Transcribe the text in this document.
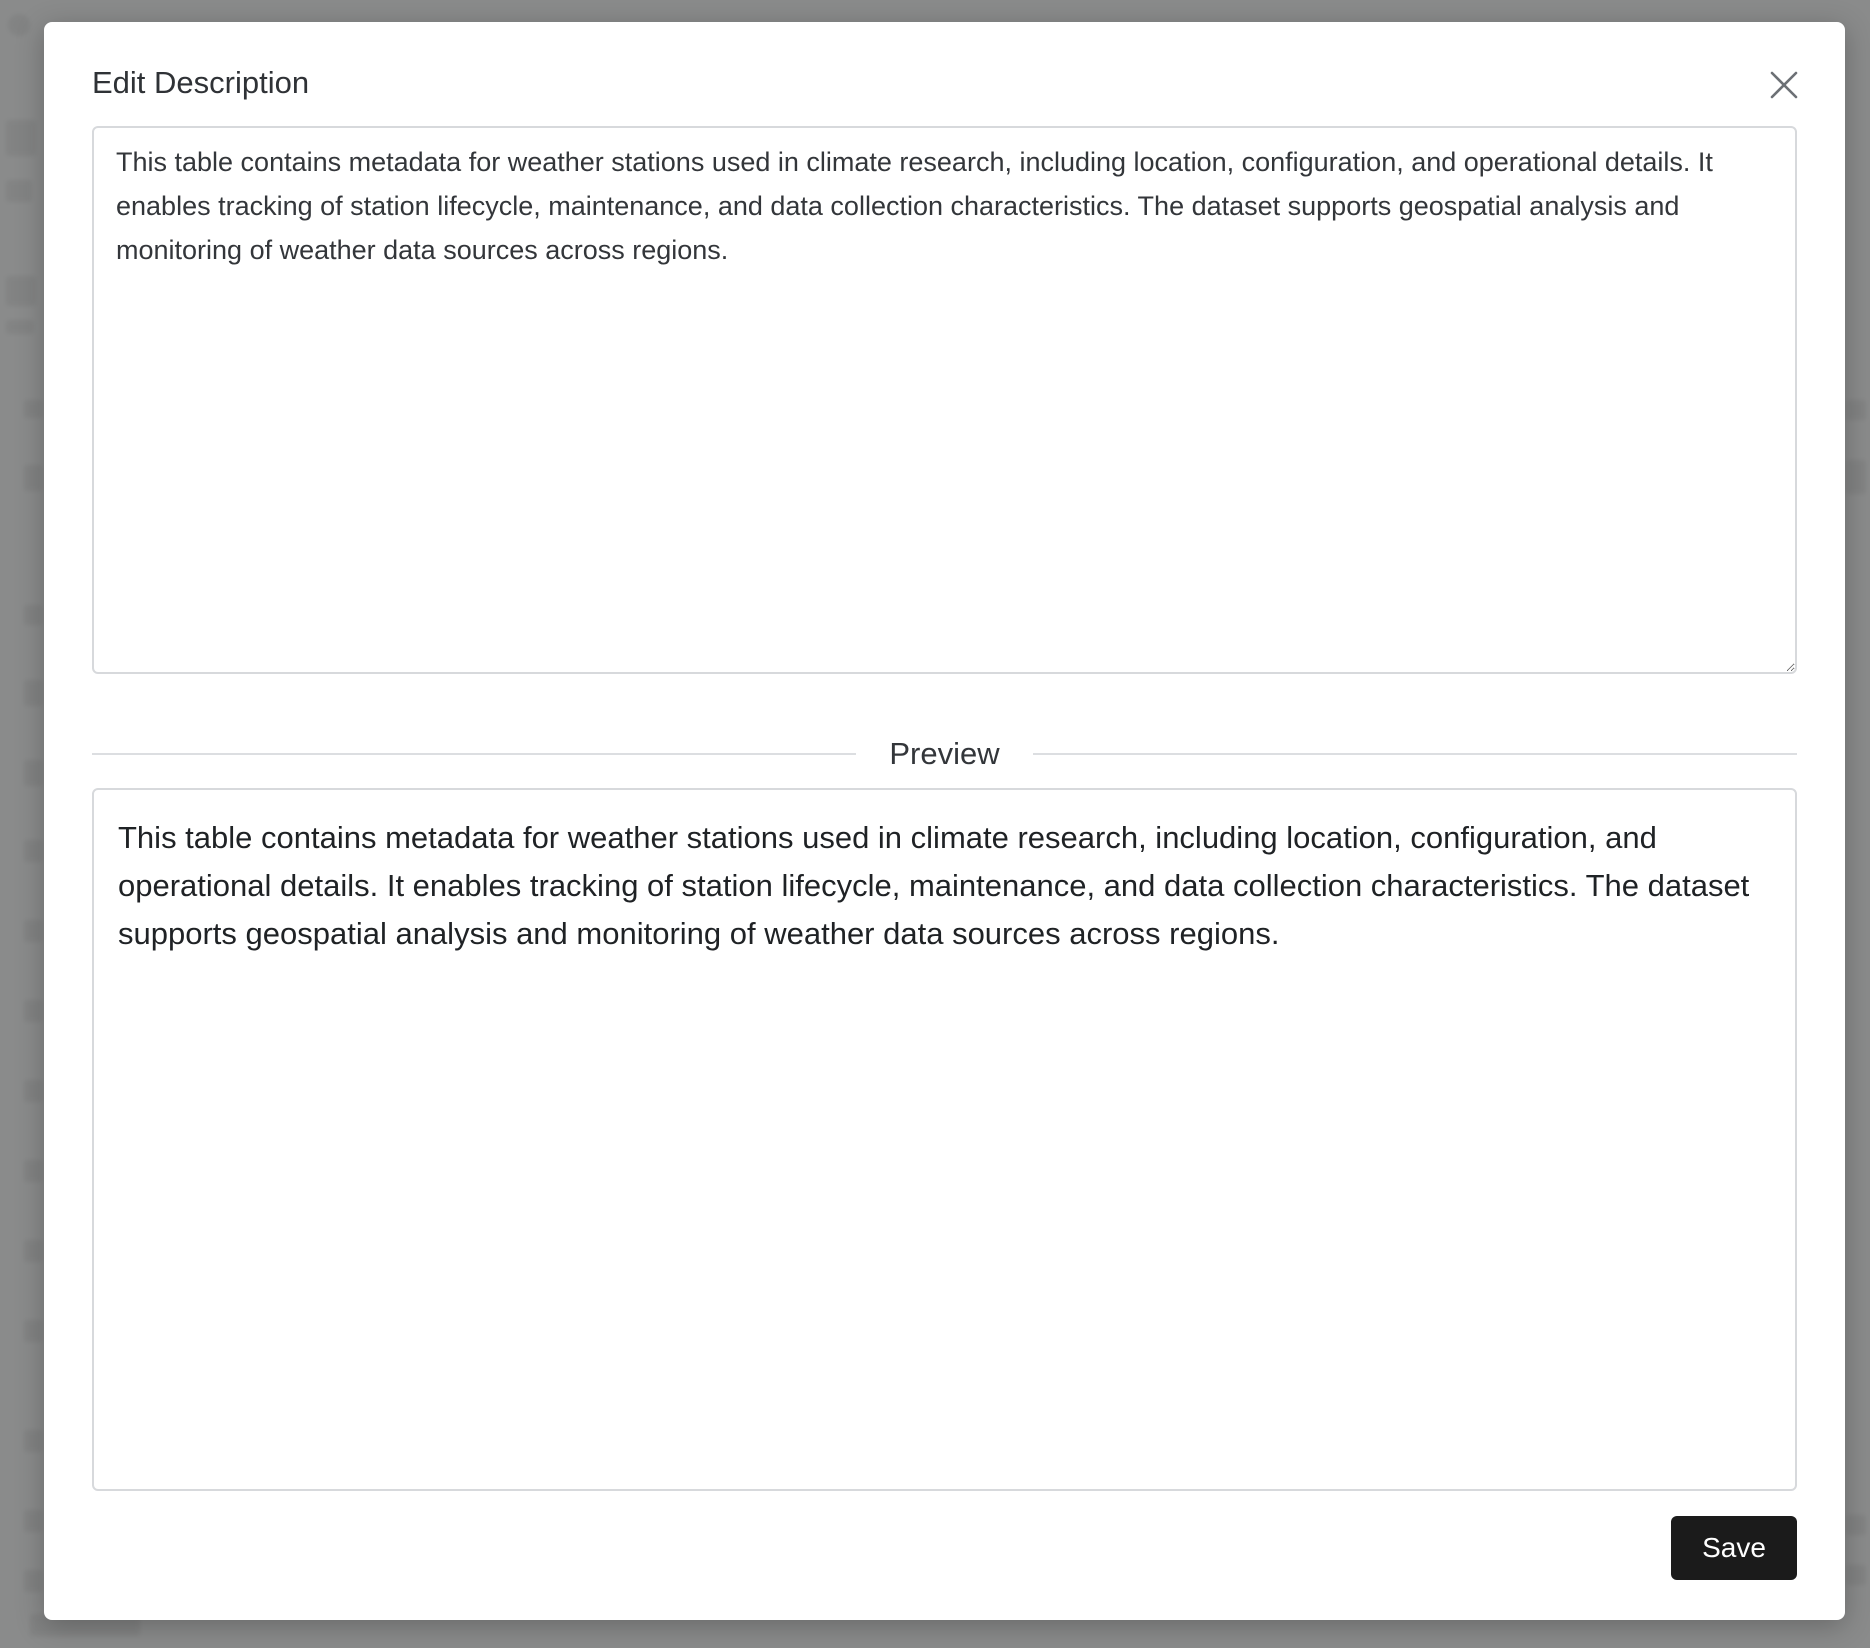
Edit Description
This table contains metadata for weather stations used in climate research, including location, configuration, and operational details. It enables tracking of station lifecycle, maintenance, and data collection characteristics. The dataset supports geospatial analysis and monitoring of weather data sources across regions.
Preview

This table contains metadata for weather stations used in climate research, including location, configuration, and operational details. It enables tracking of station lifecycle, maintenance, and data collection characteristics. The dataset supports geospatial analysis and monitoring of weather data sources across regions.

Save
